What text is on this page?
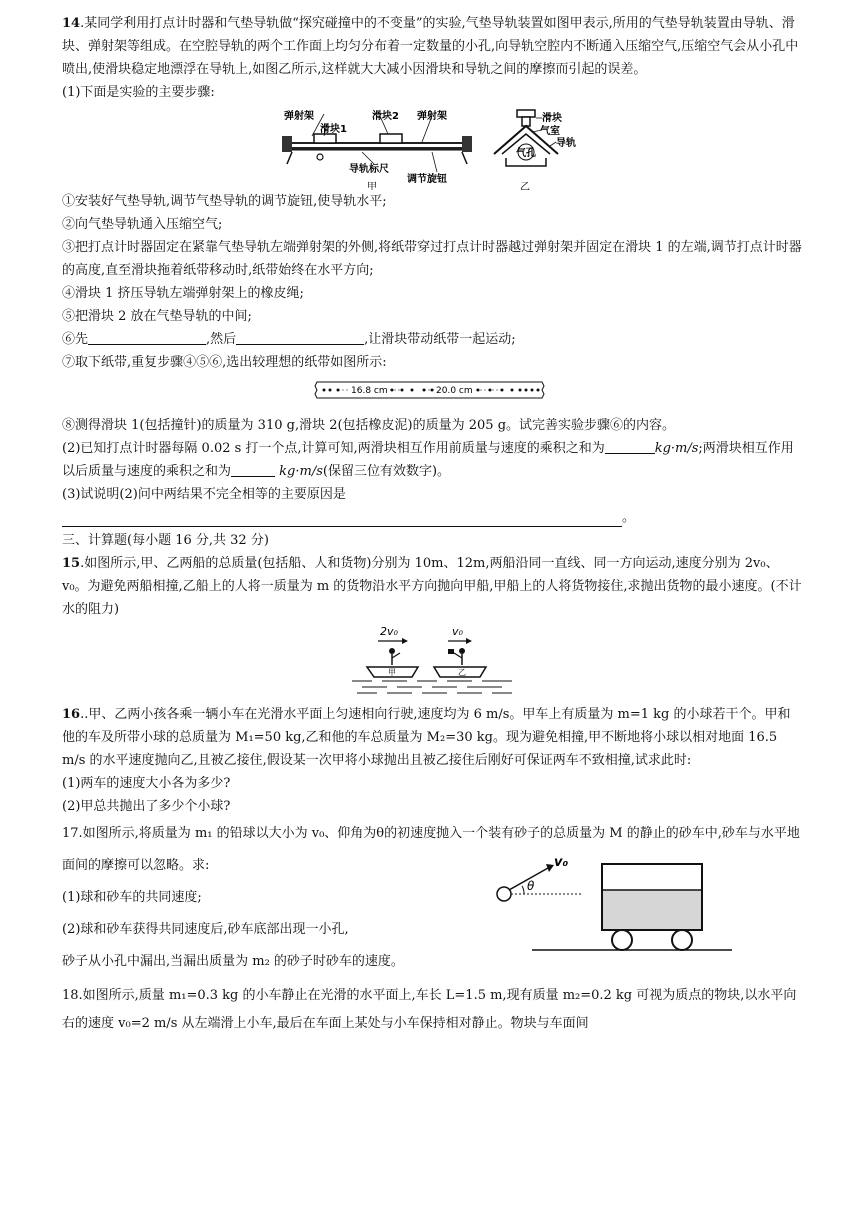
14.某同学利用打点计时器和气垫导轨做“探究碰撞中的不变量”的实验,气垫导轨装置如图甲表示,所用的气垫导轨装置由导轨、滑块、弹射架等组成。在空腔导轨的两个工作面上均匀分布着一定数量的小孔,向导轨空腔内不断通入压缩空气,压缩空气会从小孔中喷出,使滑块稳定地漂浮在导轨上,如图乙所示,这样就大大减小因滑块和导轨之间的摩擦而引起的误差。

(1)下面是实验的主要步骤:

弹射架
滑块1
滑块2 弹射架
导轨标尺
调节旋钮
甲
滑块
气室
导轨
气孔
乙

①安装好气垫导轨,调节气垫导轨的调节旋钮,使导轨水平;

②向气垫导轨通入压缩空气;

③把打点计时器固定在紧靠气垫导轨左端弹射架的外侧,将纸带穿过打点计时器越过弹射架并固定在滑块 1 的左端,调节打点计时器的高度,直至滑块拖着纸带移动时,纸带始终在水平方向;

④滑块 1 挤压导轨左端弹射架上的橡皮绳;

⑤把滑块 2 放在气垫导轨的中间;

⑥先	,然后	,让滑块带动纸带一起运动;

⑦取下纸带,重复步骤④⑤⑥,选出较理想的纸带如图所示:

16.8 cm	20.0 cm

⑧测得滑块 1(包括撞针)的质量为 310 g,滑块 2(包括橡皮泥)的质量为 205 g。试完善实验步骤⑥的内容。

(2)已知打点计时器每隔 0.02 s 打一个点,计算可知,两滑块相互作用前质量与速度的乘积之和为	kg·m/s;两滑块相互作用以后质量与速度的乘积之和为	kg·m/s(保留三位有效数字)。

(3)试说明(2)问中两结果不完全相等的主要原因是

。

三、计算题(每小题 16 分,共 32 分)

15.如图所示,甲、乙两船的总质量(包括船、人和货物)分别为 10m、12m,两船沿同一直线、同一方向运动,速度分别为 2v₀、v₀。为避免两船相撞,乙船上的人将一质量为 m 的货物沿水平方向抛向甲船,甲船上的人将货物接住,求抛出货物的最小速度。(不计水的阻力)

2v₀	v₀
甲	乙

16..甲、乙两小孩各乘一辆小车在光滑水平面上匀速相向行驶,速度均为 6 m/s。甲车上有质量为 m=1 kg 的小球若干个。甲和他的车及所带小球的总质量为 M₁=50 kg,乙和他的车总质量为 M₂=30 kg。现为避免相撞,甲不断地将小球以相对地面 16.5 m/s 的水平速度抛向乙,且被乙接住,假设某一次甲将小球抛出且被乙接住后刚好可保证两车不致相撞,试求此时:

(1)两车的速度大小各为多少?

(2)甲总共抛出了多少个小球?

17.如图所示,将质量为 m₁ 的铅球以大小为 v₀、仰角为θ的初速度抛入一个装有砂子的总质量为 M 的静止的砂车中,砂车与水平地面间的摩擦可以忽略。求:

(1)球和砂车的共同速度;

(2)球和砂车获得共同速度后,砂车底部出现一小孔,

砂子从小孔中漏出,当漏出质量为 m₂ 的砂子时砂车的速度。

θ
v₀

18.如图所示,质量 m₁=0.3 kg 的小车静止在光滑的水平面上,车长 L=1.5 m,现有质量 m₂=0.2 kg 可视为质点的物块,以水平向右的速度 v₀=2 m/s 从左端滑上小车,最后在车面上某处与小车保持相对静止。物块与车面间
